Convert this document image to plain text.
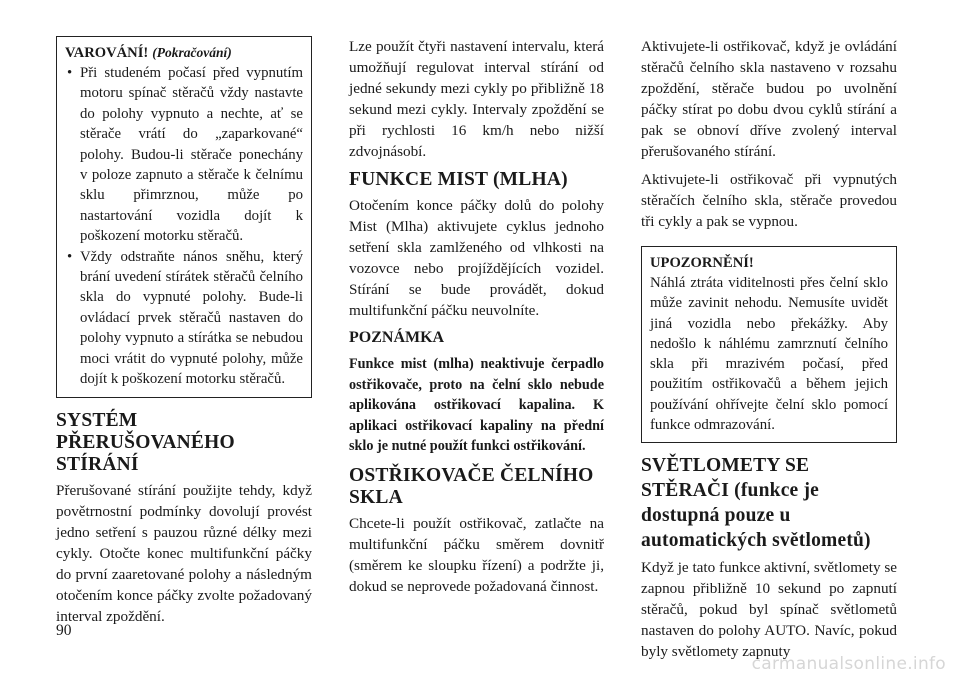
VAROVÁNÍ! (Pokračování)

• Při studeném počasí před vypnutím motoru spínač stěračů vždy nastavte do polohy vypnuto a nechte, ať se stěrače vrátí do „zaparkované“ polohy. Budou-li stěrače ponechány v poloze zapnuto a stěrače k čelnímu sklu přimrznou, může po nastartování vozidla dojít k poškození motorku stěračů.
• Vždy odstraňte nános sněhu, který brání uvedení stírátek stěračů čelního skla do vypnuté polohy. Bude-li ovládací prvek stěračů nastaven do polohy vypnuto a stírátka se nebudou moci vrátit do vypnuté polohy, může dojít k poškození motorku stěračů.
SYSTÉM PŘERUŠOVANÉHO STÍRÁNÍ

Přerušované stírání použijte tehdy, když povětrnostní podmínky dovolují provést jedno setření s pauzou různé délky mezi cykly. Otočte konec multifunkční páčky do první zaaretované polohy a následným otočením konce páčky zvolte požadovaný interval zpoždění.

Lze použít čtyři nastavení intervalu, která umožňují regulovat interval stírání od jedné sekundy mezi cykly po přibližně 18 sekund mezi cykly. Intervaly zpoždění se při rychlosti 16 km/h nebo nižší zdvojnásobí.

FUNKCE MIST (MLHA)

Otočením konce páčky dolů do polohy Mist (Mlha) aktivujete cyklus jednoho setření skla zamlženého od vlhkosti na vozovce nebo projíždějících vozidel. Stírání se bude provádět, dokud multifunkční páčku neuvolníte.

POZNÁMKA

Funkce mist (mlha) neaktivuje čerpadlo ostřikovače, proto na čelní sklo nebude aplikována ostřikovací kapalina. K aplikaci ostřikovací kapaliny na přední sklo je nutné použít funkci ostřikování.

OSTŘIKOVAČE ČELNÍHO SKLA

Chcete-li použít ostřikovač, zatlačte na multifunkční páčku směrem dovnitř (směrem ke sloupku řízení) a podržte ji, dokud se neprovede požadovaná činnost.

Aktivujete-li ostřikovač, když je ovládání stěračů čelního skla nastaveno v rozsahu zpoždění, stěrače budou po uvolnění páčky stírat po dobu dvou cyklů stírání a pak se obnoví dříve zvolený interval přerušovaného stírání.

Aktivujete-li ostřikovač při vypnutých stěračích čelního skla, stěrače provedou tři cykly a pak se vypnou.

UPOZORNĚNÍ!

Náhlá ztráta viditelnosti přes čelní sklo může zavinit nehodu. Nemusíte uvidět jiná vozidla nebo překážky. Aby nedošlo k náhlému zamrznutí čelního skla při mrazivém počasí, před použitím ostřikovačů a během jejich používání ohřívejte čelní sklo pomocí funkce odmrazování.

SVĚTLOMETY SE STĚRAČI (funkce je dostupná pouze u automatických světlometů)

Když je tato funkce aktivní, světlomety se zapnou přibližně 10 sekund po zapnutí stěračů, pokud byl spínač světlometů nastaven do polohy AUTO. Navíc, pokud byly světlomety zapnuty

90
carmanualsonline.info
